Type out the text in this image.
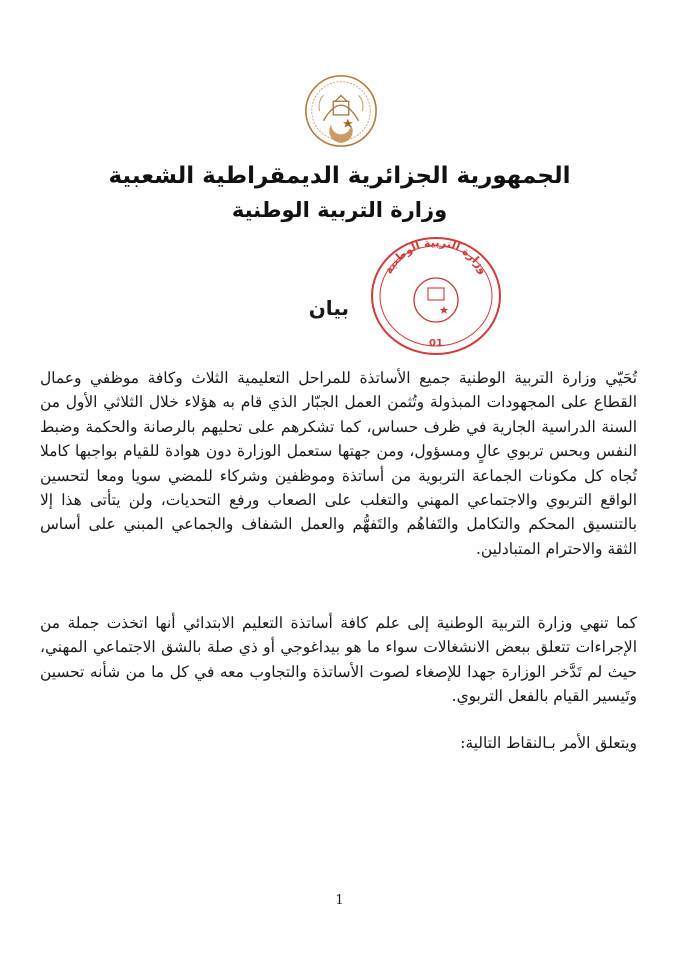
الجمهورية الجزائرية الديمقراطية الشعبية
وزارة التربية الوطنية
وزارة التربية الوطنية
01
بيان

تُحَيّي وزارة التربية الوطنية جميع الأساتذة للمراحل التعليمية الثلاث وكافة موظفي وعمال القطاع على المجهودات المبذولة وتُثمن العمل الجبّار الذي قام به هؤلاء خلال الثلاثي الأول من السنة الدراسية الجارية في ظرف حساس، كما تشكرهم على تحليهم بالرصانة والحكمة وضبط النفس وبحس تربوي عالٍ ومسؤول، ومن جهتها ستعمل الوزارة دون هوادة للقيام بواجبها كاملا تُجاه كل مكونات الجماعة التربوية من أساتذة وموظفين وشركاء للمضي سويا ومعا لتحسين الواقع التربوي والاجتماعي المهني والتغلب على الصعاب ورفع التحديات، ولن يتأتى هذا إلا بالتنسيق المحكم والتكامل والتَفاهُم والتَفهُّم والعمل الشفاف والجماعي المبني على أساس الثقة والاحترام المتبادلين.

كما تنهي وزارة التربية الوطنية إلى علم كافة أساتذة التعليم الابتدائي أنها اتخذت جملة من الإجراءات تتعلق ببعض الانشغالات سواء ما هو بيداغوجي أو ذي صلة بالشق الاجتماعي المهني، حيث لم تَدَّخر الوزارة جهدا للإصغاء لصوت الأساتذة والتجاوب معه في كل ما من شأنه تحسين وتَيسير القيام بالفعل التربوي.

ويتعلق الأمر بـالنقاط التالية:

1
